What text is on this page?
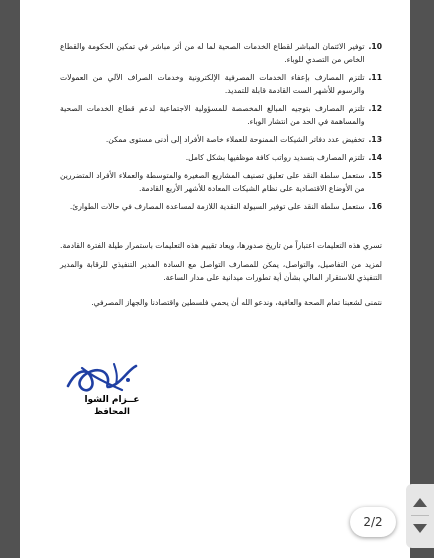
10.
توفير الائتمان المباشر لقطاع الخدمات الصحية لما له من أثر مباشر في تمكين الحكومة والقطاع الخاص من التصدي للوباء.
11.
تلتزم المصارف بإعفاء الخدمات المصرفية الإلكترونية وخدمات الصراف الآلي من العمولات والرسوم للأشهر الست القادمة قابلة للتمديد.
12.
تلتزم المصارف بتوجيه المبالغ المخصصة للمسؤولية الاجتماعية لدعم قطاع الخدمات الصحية والمساهمة في الحد من انتشار الوباء.
13.
تخفيض عدد دفاتر الشيكات الممنوحة للعملاء خاصة الأفراد إلى أدنى مستوى ممكن.
14.
تلتزم المصارف بتسديد رواتب كافة موظفيها بشكل كامل.
15.
ستعمل سلطة النقد على تعليق تصنيف المشاريع الصغيرة والمتوسطة والعملاء الأفراد المتضررين من الأوضاع الاقتصادية على نظام الشيكات المعادة للأشهر الأربع القادمة.
16.
ستعمل سلطة النقد على توفير السيولة النقدية اللازمة لمساعدة المصارف في حالات الطوارئ.

تسري هذه التعليمات اعتباراً من تاريخ صدورها، ويعاد تقييم هذه التعليمات باستمرار طيلة الفترة القادمة.

لمزيد من التفاصيل، والتواصل، يمكن للمصارف التواصل مع السادة المدير التنفيذي للرقابة والمدير التنفيذي للاستقرار المالي بشأن أية تطورات ميدانية على مدار الساعة.

نتمنى لشعبنا تمام الصحة والعافية، وندعو الله أن يحمي فلسطين واقتصادنا والجهاز المصرفي.

عــزام الشوا
المحافظ
2/2
